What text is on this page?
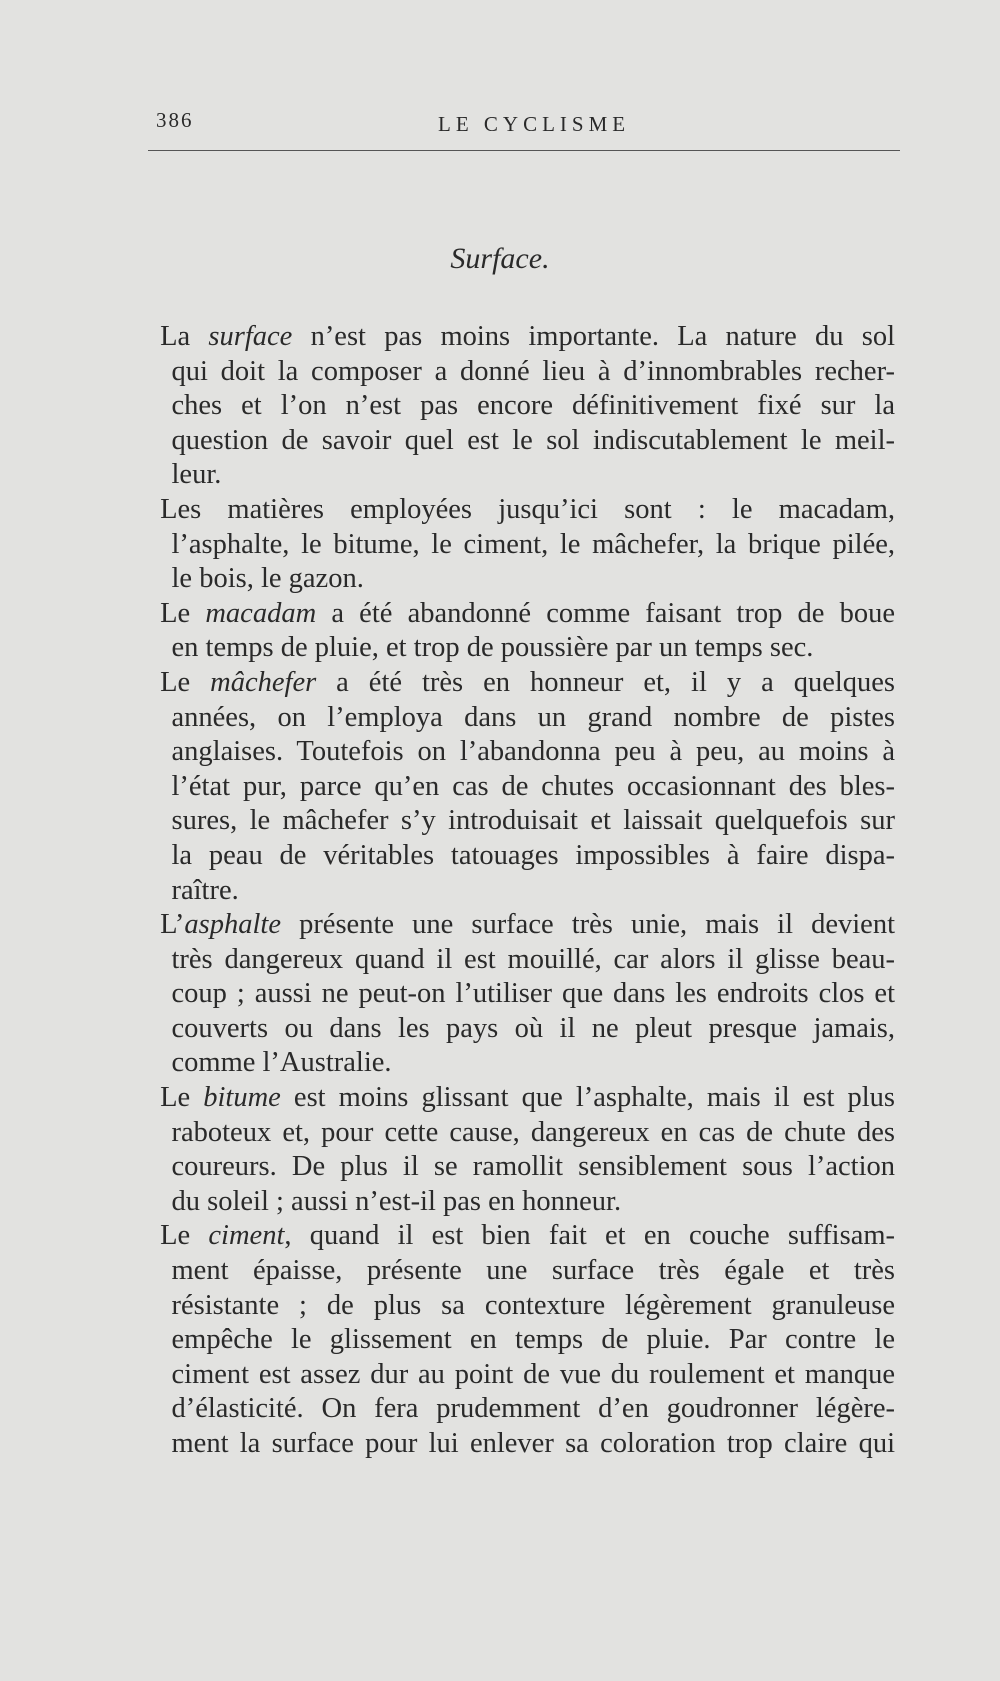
386	LE CYCLISME
Surface.
La surface n’est pas moins importante. La nature du sol
qui doit la composer a donné lieu à d’innombrables recher-
ches et l’on n’est pas encore définitivement fixé sur la
question de savoir quel est le sol indiscutablement le meil-
leur.
Les matières employées jusqu’ici sont : le macadam,
l’asphalte, le bitume, le ciment, le mâchefer, la brique pilée,
le bois, le gazon.
Le macadam a été abandonné comme faisant trop de boue
en temps de pluie, et trop de poussière par un temps sec.
Le mâchefer a été très en honneur et, il y a quelques
années, on l’employa dans un grand nombre de pistes
anglaises. Toutefois on l’abandonna peu à peu, au moins à
l’état pur, parce qu’en cas de chutes occasionnant des bles-
sures, le mâchefer s’y introduisait et laissait quelquefois sur
la peau de véritables tatouages impossibles à faire dispa-
raître.
L’asphalte présente une surface très unie, mais il devient
très dangereux quand il est mouillé, car alors il glisse beau-
coup ; aussi ne peut-on l’utiliser que dans les endroits clos et
couverts ou dans les pays où il ne pleut presque jamais,
comme l’Australie.
Le bitume est moins glissant que l’asphalte, mais il est plus
raboteux et, pour cette cause, dangereux en cas de chute des
coureurs. De plus il se ramollit sensiblement sous l’action
du soleil ; aussi n’est-il pas en honneur.
Le ciment, quand il est bien fait et en couche suffisam-
ment épaisse, présente une surface très égale et très
résistante ; de plus sa contexture légèrement granuleuse
empêche le glissement en temps de pluie. Par contre le
ciment est assez dur au point de vue du roulement et manque
d’élasticité. On fera prudemment d’en goudronner légère-
ment la surface pour lui enlever sa coloration trop claire qui
